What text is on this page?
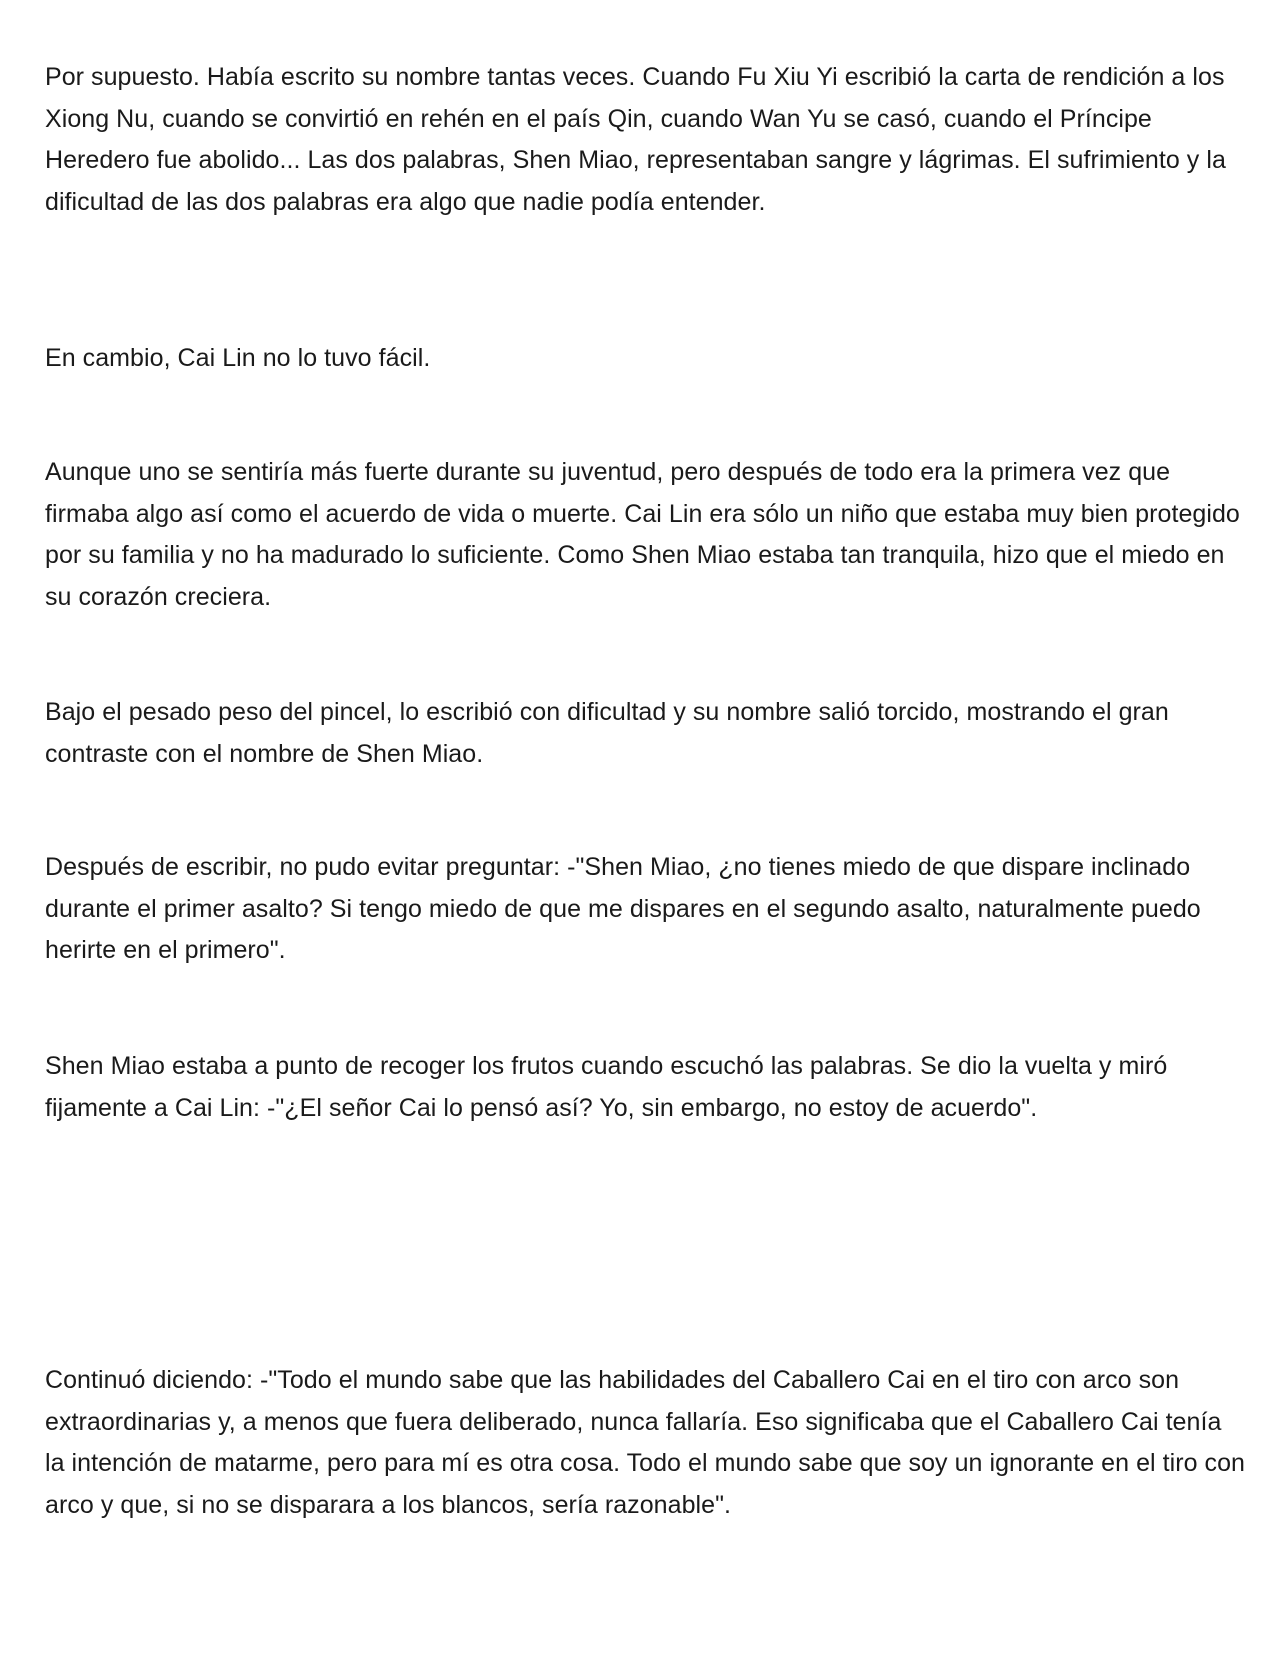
Por supuesto. Había escrito su nombre tantas veces. Cuando Fu Xiu Yi escribió la carta de rendición a los Xiong Nu, cuando se convirtió en rehén en el país Qin, cuando Wan Yu se casó, cuando el Príncipe Heredero fue abolido... Las dos palabras, Shen Miao, representaban sangre y lágrimas. El sufrimiento y la dificultad de las dos palabras era algo que nadie podía entender.

En cambio, Cai Lin no lo tuvo fácil.

Aunque uno se sentiría más fuerte durante su juventud, pero después de todo era la primera vez que firmaba algo así como el acuerdo de vida o muerte. Cai Lin era sólo un niño que estaba muy bien protegido por su familia y no ha madurado lo suficiente. Como Shen Miao estaba tan tranquila, hizo que el miedo en su corazón creciera.

Bajo el pesado peso del pincel, lo escribió con dificultad y su nombre salió torcido, mostrando el gran contraste con el nombre de Shen Miao.

Después de escribir, no pudo evitar preguntar: -"Shen Miao, ¿no tienes miedo de que dispare inclinado durante el primer asalto? Si tengo miedo de que me dispares en el segundo asalto, naturalmente puedo herirte en el primero".

Shen Miao estaba a punto de recoger los frutos cuando escuchó las palabras. Se dio la vuelta y miró fijamente a Cai Lin: -"¿El señor Cai lo pensó así? Yo, sin embargo, no estoy de acuerdo".

Continuó diciendo: -"Todo el mundo sabe que las habilidades del Caballero Cai en el tiro con arco son extraordinarias y, a menos que fuera deliberado, nunca fallaría. Eso significaba que el Caballero Cai tenía la intención de matarme, pero para mí es otra cosa. Todo el mundo sabe que soy un ignorante en el tiro con arco y que, si no se disparara a los blancos, sería razonable".
